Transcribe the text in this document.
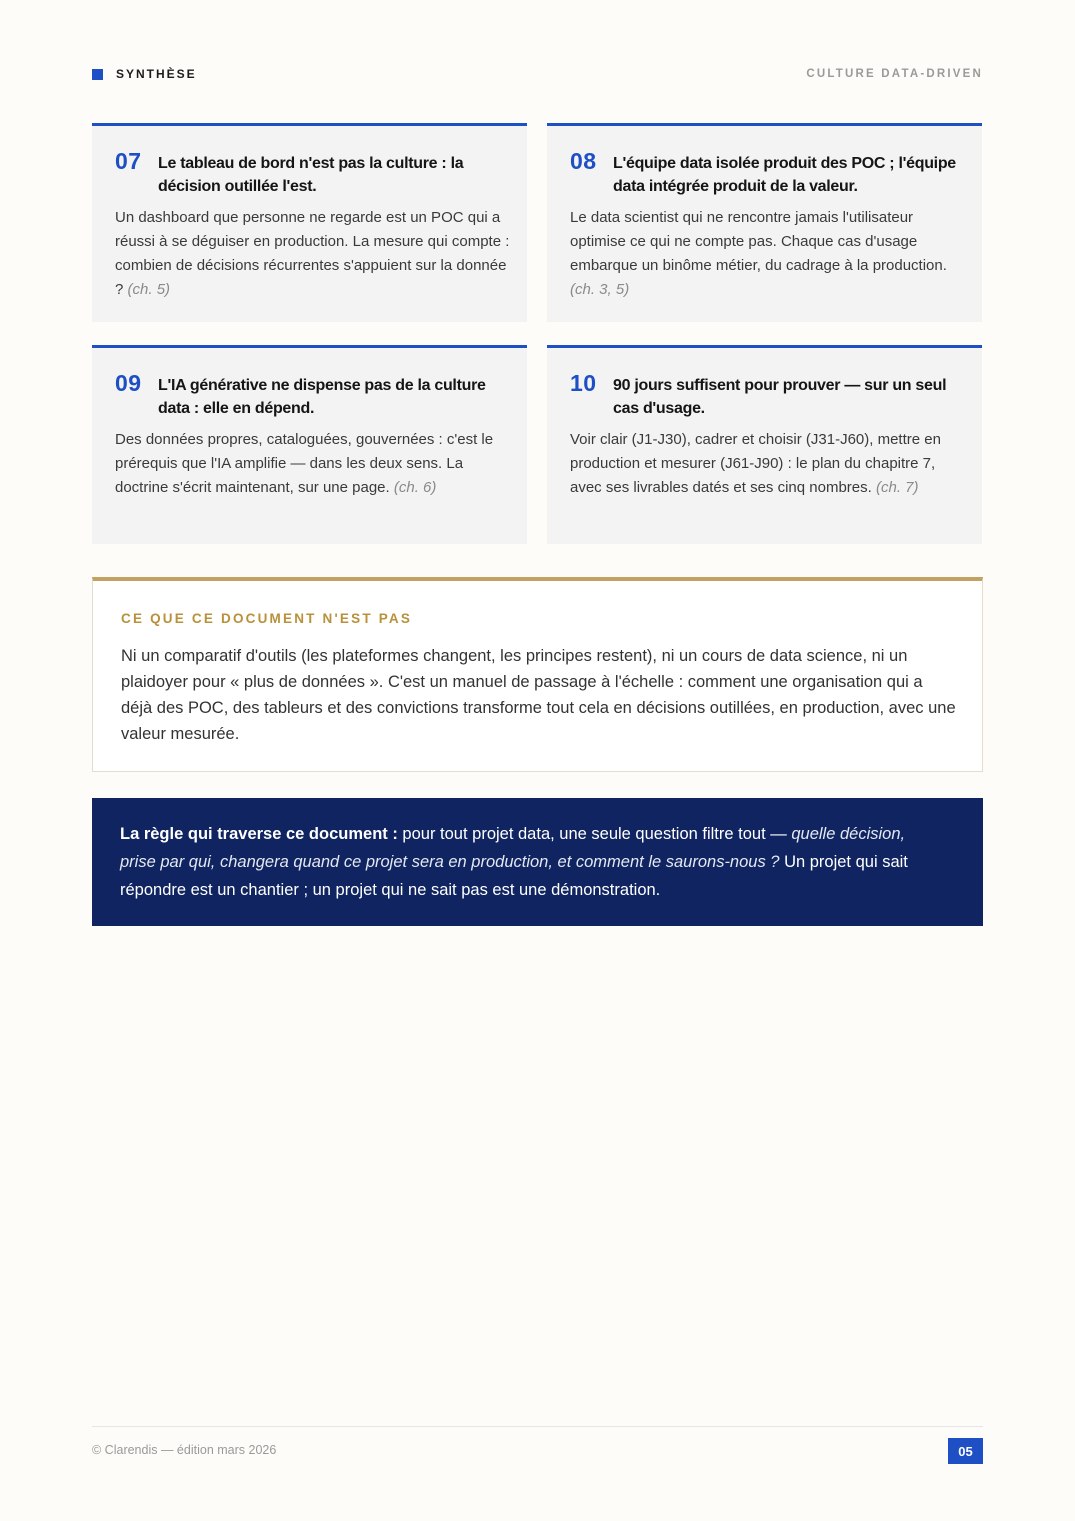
SYNTHÈSE	CULTURE DATA-DRIVEN
07 Le tableau de bord n'est pas la culture : la décision outillée l'est.
Un dashboard que personne ne regarde est un POC qui a réussi à se déguiser en production. La mesure qui compte : combien de décisions récurrentes s'appuient sur la donnée ? (ch. 5)
08 L'équipe data isolée produit des POC ; l'équipe data intégrée produit de la valeur.
Le data scientist qui ne rencontre jamais l'utilisateur optimise ce qui ne compte pas. Chaque cas d'usage embarque un binôme métier, du cadrage à la production. (ch. 3, 5)
09 L'IA générative ne dispense pas de la culture data : elle en dépend.
Des données propres, cataloguées, gouvernées : c'est le prérequis que l'IA amplifie — dans les deux sens. La doctrine s'écrit maintenant, sur une page. (ch. 6)
10 90 jours suffisent pour prouver — sur un seul cas d'usage.
Voir clair (J1-J30), cadrer et choisir (J31-J60), mettre en production et mesurer (J61-J90) : le plan du chapitre 7, avec ses livrables datés et ses cinq nombres. (ch. 7)
CE QUE CE DOCUMENT N'EST PAS
Ni un comparatif d'outils (les plateformes changent, les principes restent), ni un cours de data science, ni un plaidoyer pour « plus de données ». C'est un manuel de passage à l'échelle : comment une organisation qui a déjà des POC, des tableurs et des convictions transforme tout cela en décisions outillées, en production, avec une valeur mesurée.
La règle qui traverse ce document : pour tout projet data, une seule question filtre tout — quelle décision, prise par qui, changera quand ce projet sera en production, et comment le saurons-nous ? Un projet qui sait répondre est un chantier ; un projet qui ne sait pas est une démonstration.
© Clarendis — édition mars 2026	05
